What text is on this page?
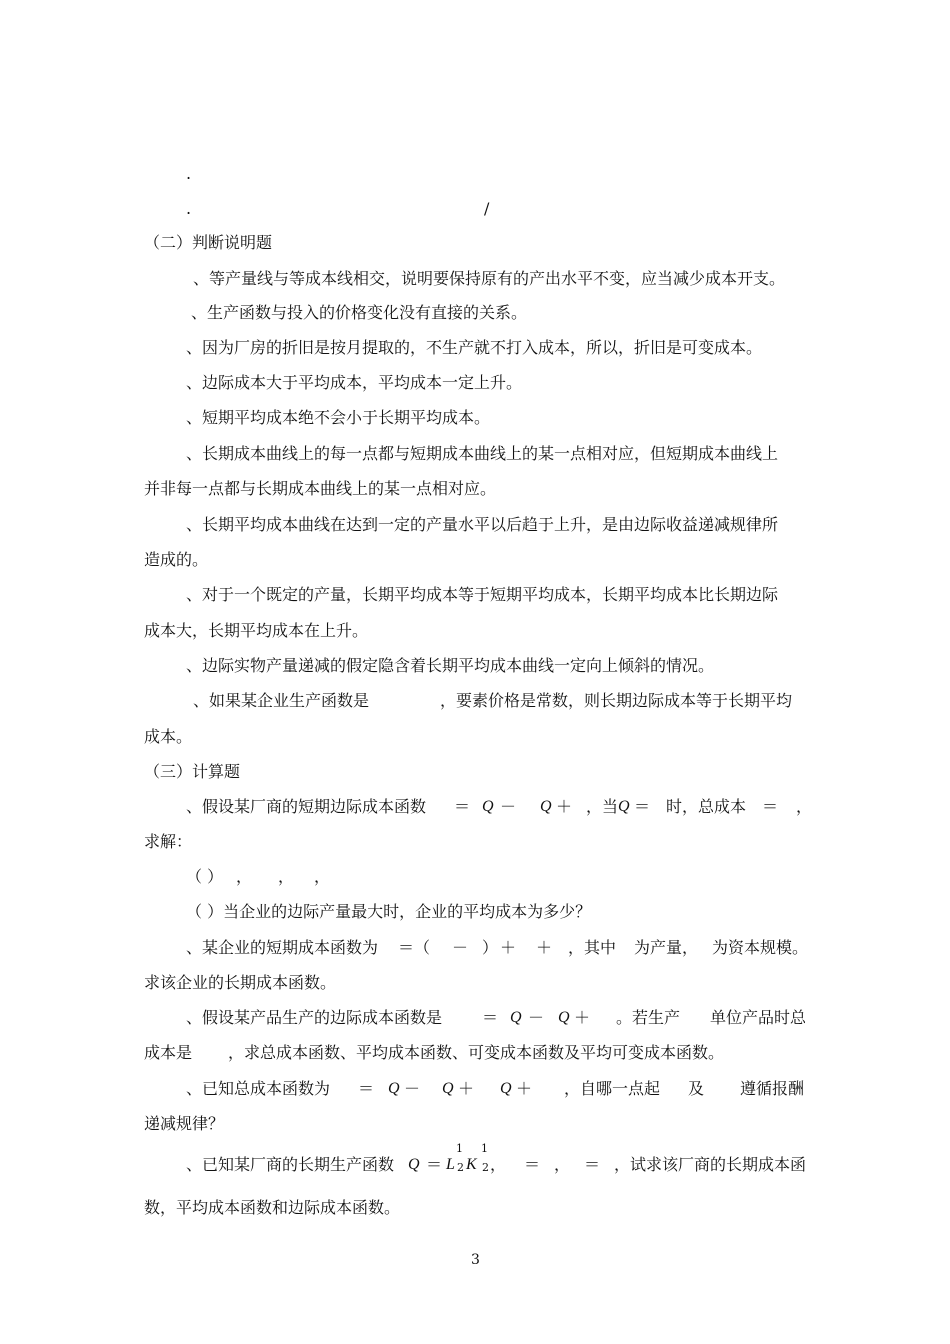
.
.	/
（二）判断说明题
、等产量线与等成本线相交，说明要保持原有的产出水平不变，应当减少成本开支。
、生产函数与投入的价格变化没有直接的关系。
、因为厂房的折旧是按月提取的，不生产就不打入成本，所以，折旧是可变成本。
、边际成本大于平均成本，平均成本一定上升。
、短期平均成本绝不会小于长期平均成本。
、长期成本曲线上的每一点都与短期成本曲线上的某一点相对应，但短期成本曲线上
并非每一点都与长期成本曲线上的某一点相对应。
、长期平均成本曲线在达到一定的产量水平以后趋于上升，是由边际收益递减规律所
造成的。
、对于一个既定的产量，长期平均成本等于短期平均成本，长期平均成本比长期边际
成本大，长期平均成本在上升。
、边际实物产量递减的假定隐含着长期平均成本曲线一定向上倾斜的情况。
、如果某企业生产函数是	，要素价格是常数，则长期边际成本等于长期平均
成本。
（三）计算题
、假设某厂商的短期边际成本函数 ＝ Q － Q ＋ ，当 Q ＝ 时，总成本 ＝ ，
求解：
（ ） ， ， ，
（ ）当企业的边际产量最大时，企业的平均成本为多少？
、某企业的短期成本函数为 ＝（ － ） ＋ ＋ ，其中 为产量， 为资本规模。
求该企业的长期成本函数。
、假设某产品生产的边际成本函数是 ＝ Q － Q ＋ 。若生产 单位产品时总
成本是 ，求总成本函数、平均成本函数、可变成本函数及平均可变成本函数。
、已知总成本函数为 ＝ Q － Q ＋ Q ＋ ，自哪一点起 及 遵循报酬
递减规律？
、已知某厂商的长期生产函数 Q ＝ L
1
2 K
1
2 ， ＝ ， ＝ ，试求该厂商的长期成本函
数，平均成本函数和边际成本函数。
3
